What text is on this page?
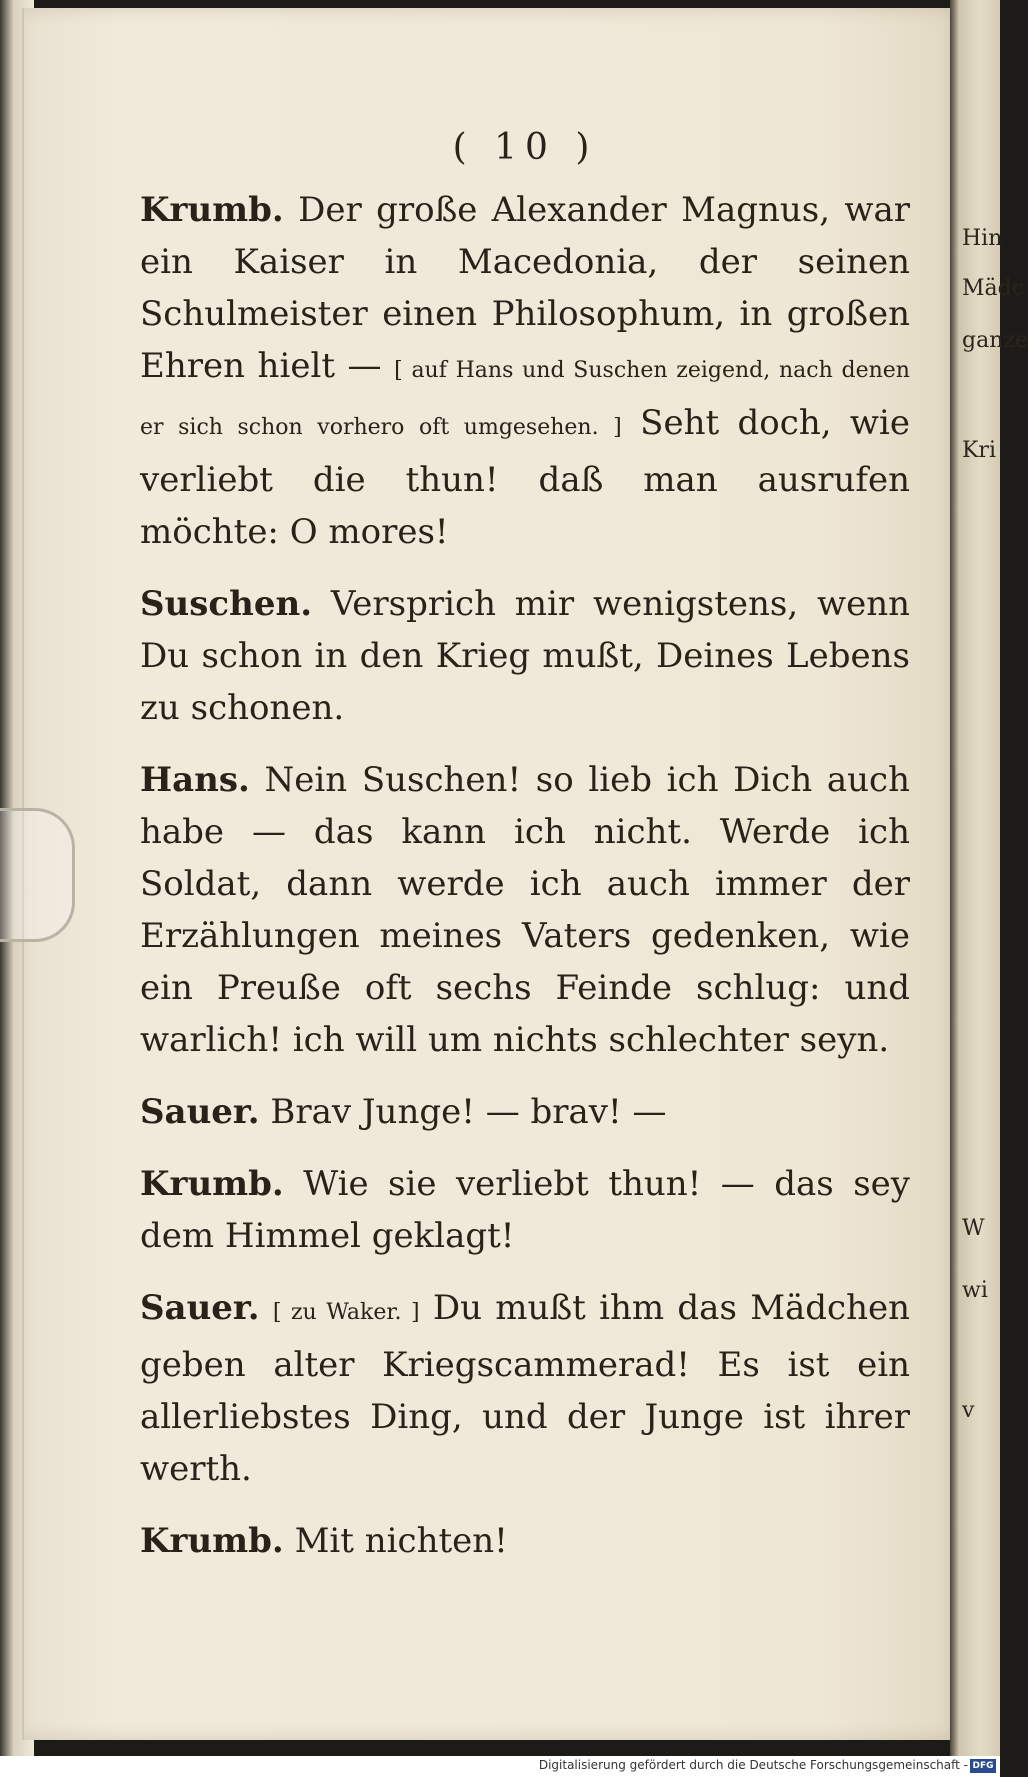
Hin
Mädc
ganze
Kri
W
wi
v
( 10 )

Krumb. Der große Alexander Magnus, war ein Kaiser in Macedonia, der seinen Schulmeister einen Philosophum, in großen Ehren hielt — [ auf Hans und Suschen zeigend, nach denen er sich schon vorhero oft umgesehen. ] Seht doch, wie verliebt die thun! daß man ausrufen möchte: O mores!

Suschen. Versprich mir wenigstens, wenn Du schon in den Krieg mußt, Deines Lebens zu schonen.

Hans. Nein Suschen! so lieb ich Dich auch habe — das kann ich nicht. Werde ich Soldat, dann werde ich auch immer der Erzählungen meines Vaters gedenken, wie ein Preuße oft sechs Feinde schlug: und warlich! ich will um nichts schlechter seyn.

Sauer. Brav Junge! — brav! —

Krumb. Wie sie verliebt thun! — das sey dem Himmel geklagt!

Sauer. [ zu Waker. ] Du mußt ihm das Mädchen geben alter Kriegscammerad! Es ist ein allerliebstes Ding, und der Junge ist ihrer werth.

Krumb. Mit nichten!

Digitalisierung gefördert durch die Deutsche Forschungsgemeinschaft - DFG
